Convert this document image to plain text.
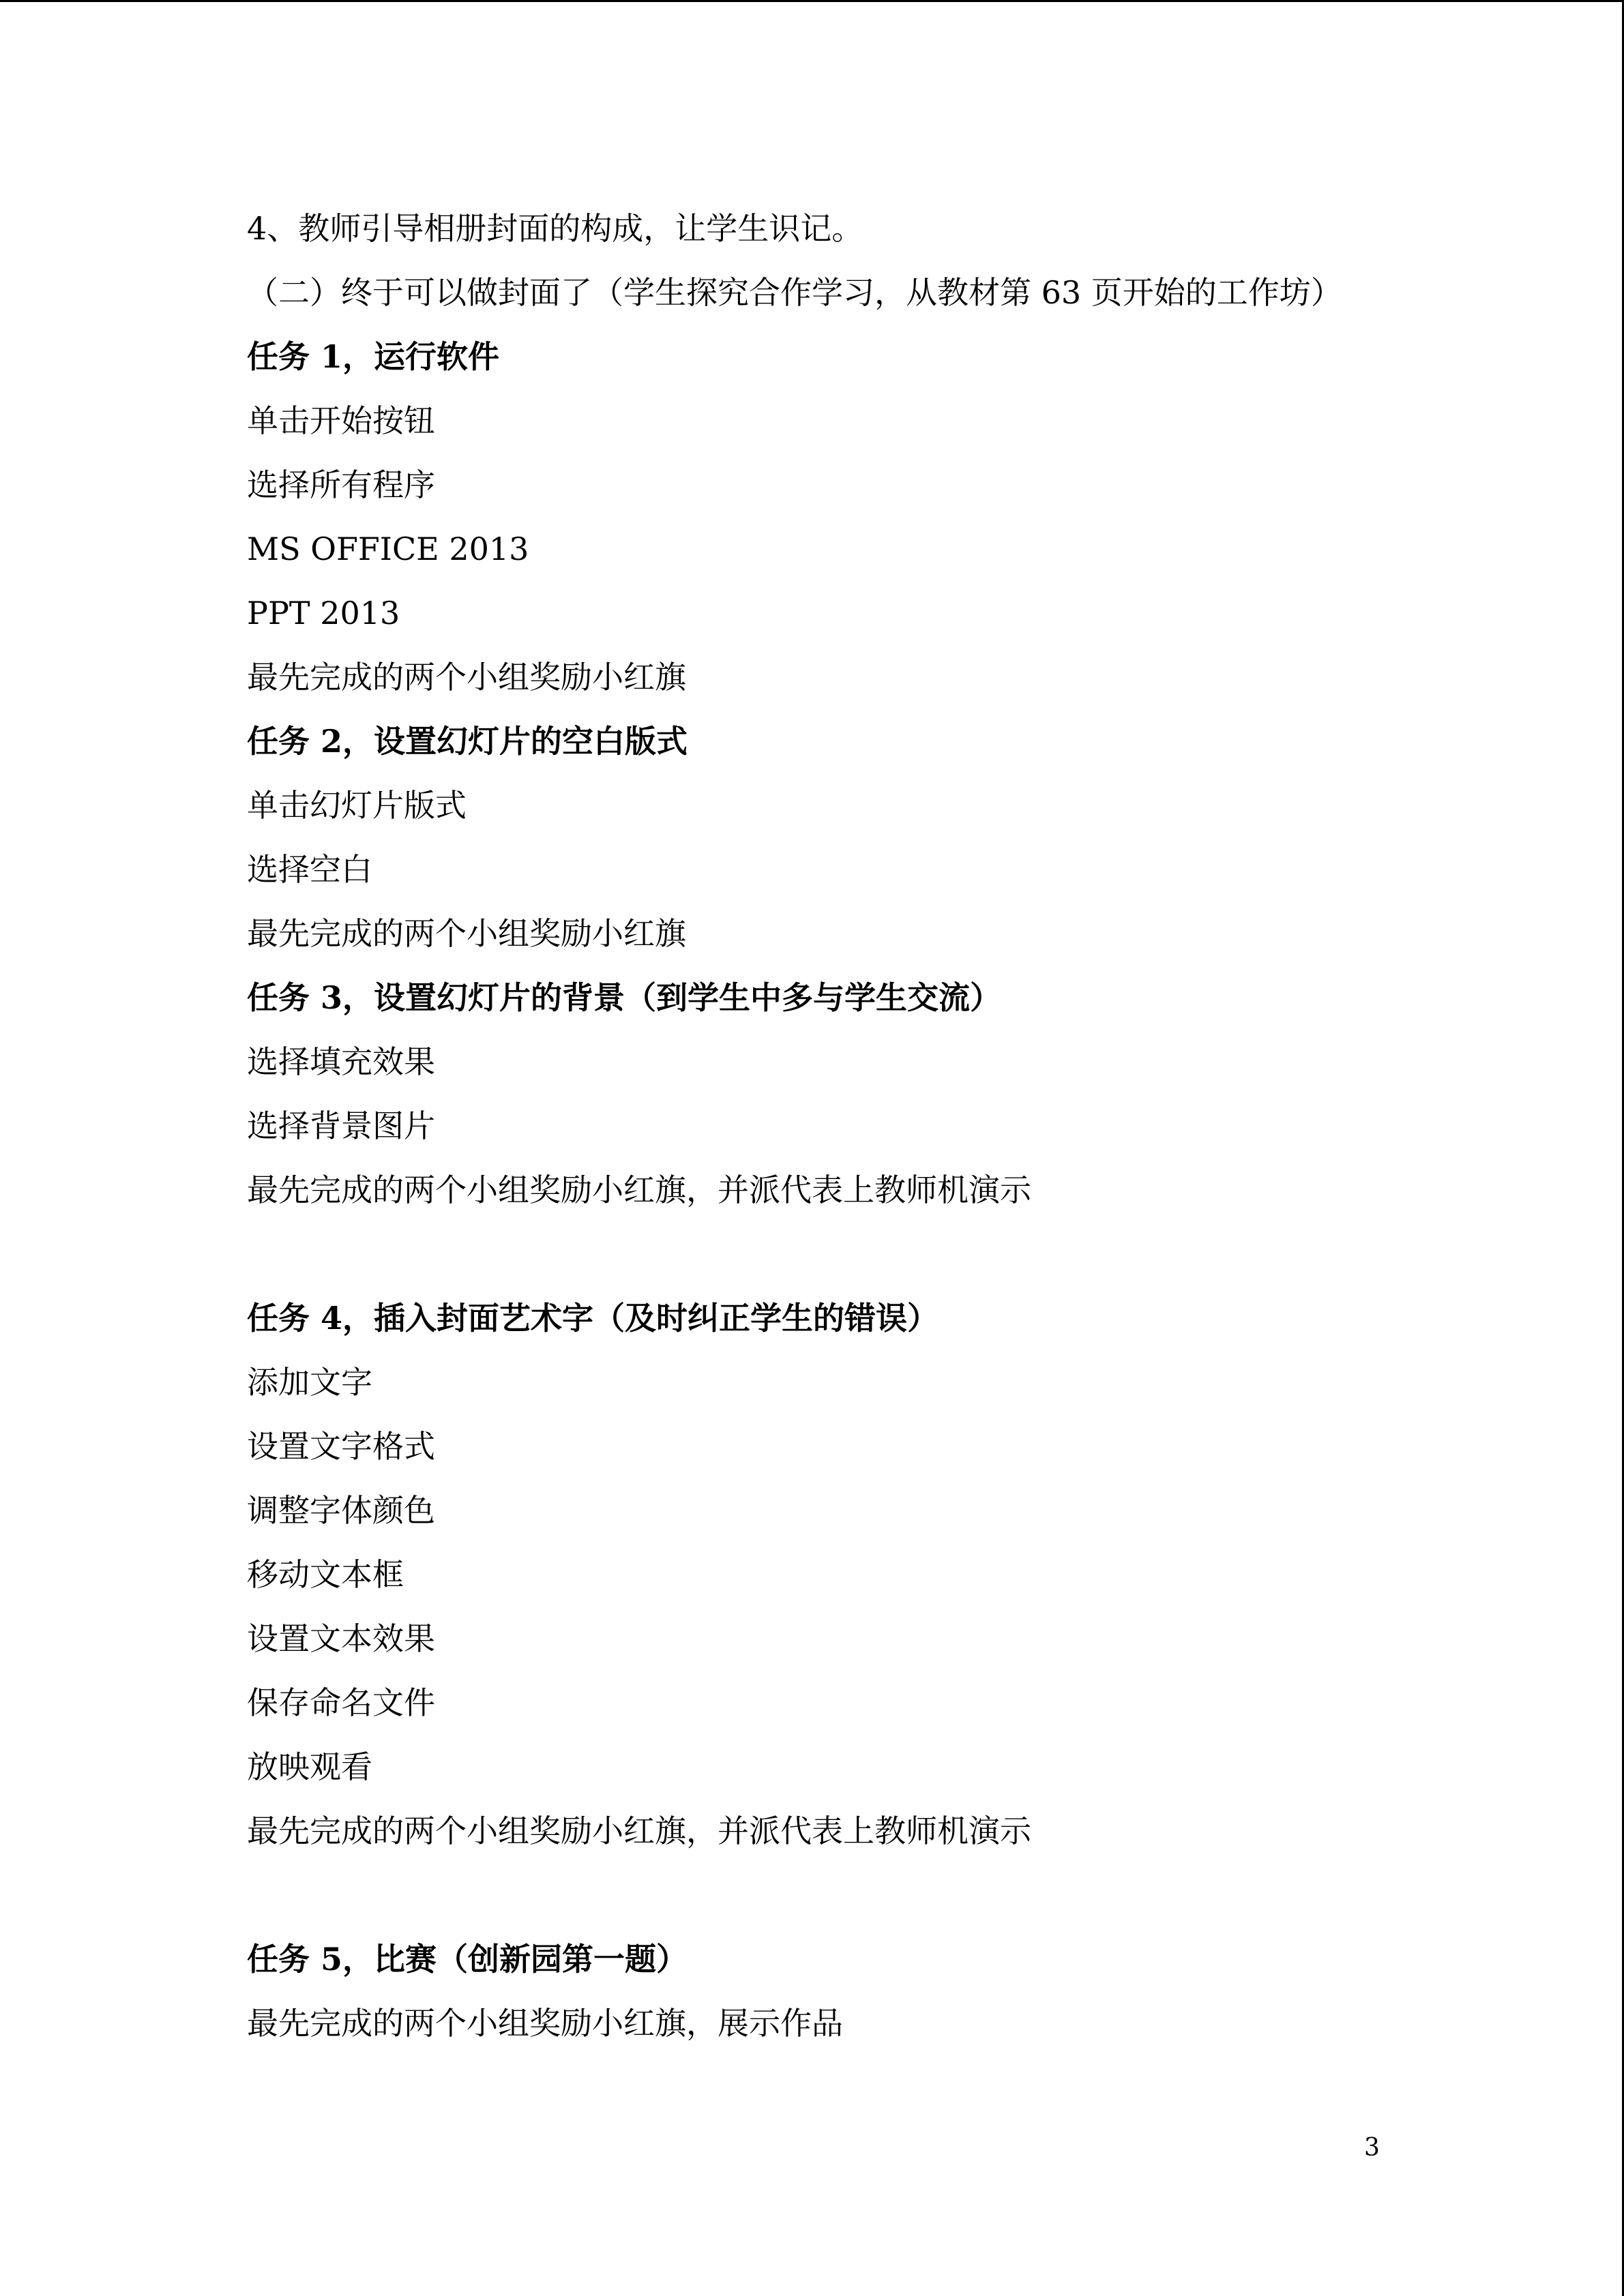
4、教师引导相册封面的构成，让学生识记。
（二）终于可以做封面了（学生探究合作学习，从教材第 63 页开始的工作坊）
任务 1，运行软件
单击开始按钮
选择所有程序
MS OFFICE 2013
PPT 2013
最先完成的两个小组奖励小红旗
任务 2，设置幻灯片的空白版式
单击幻灯片版式
选择空白
最先完成的两个小组奖励小红旗
任务 3，设置幻灯片的背景（到学生中多与学生交流）
选择填充效果
选择背景图片
最先完成的两个小组奖励小红旗，并派代表上教师机演示
任务 4，插入封面艺术字（及时纠正学生的错误）
添加文字
设置文字格式
调整字体颜色
移动文本框
设置文本效果
保存命名文件
放映观看
最先完成的两个小组奖励小红旗，并派代表上教师机演示
任务 5，比赛（创新园第一题）
最先完成的两个小组奖励小红旗，展示作品
3
